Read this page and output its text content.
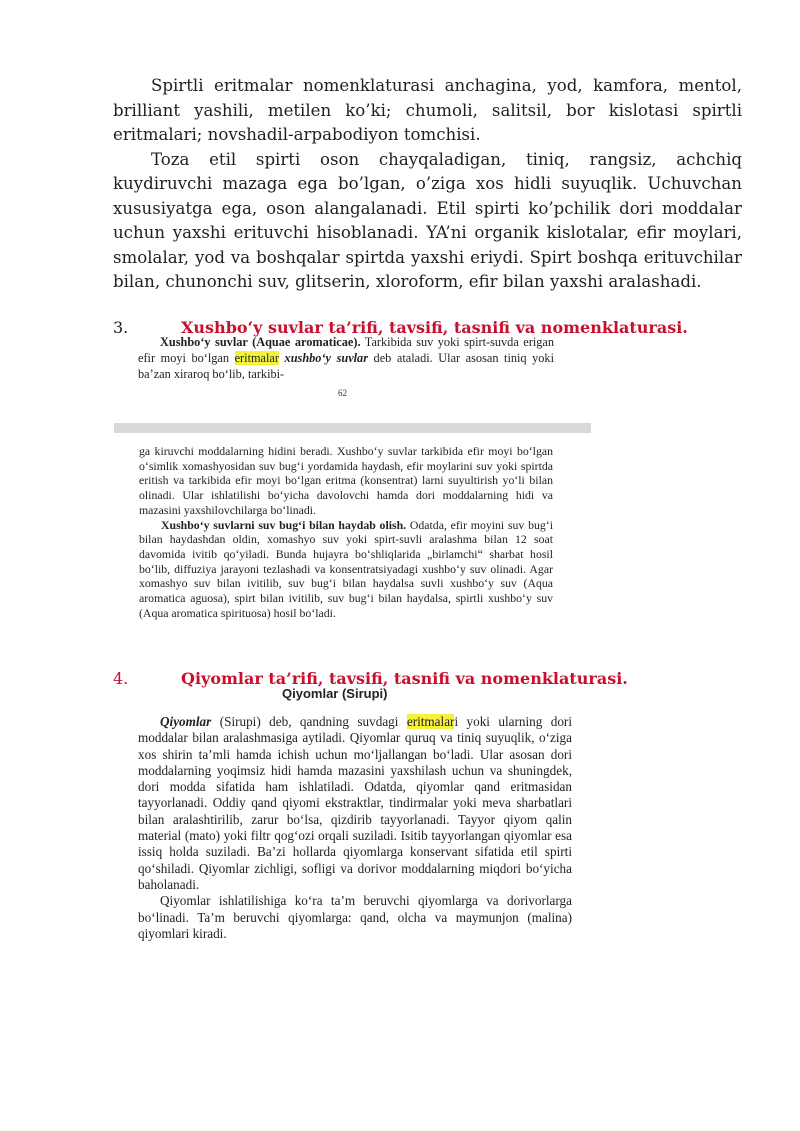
Spirtli eritmalar nomenklaturasi anchagina, yod, kamfora, mentol, brilliant yashili, metilen ko’ki; chumoli, salitsil, bor kislotasi spirtli eritmalari; novshadil-arpabodiyon tomchisi.

Toza etil spirti oson chayqaladigan, tiniq, rangsiz, achchiq kuydiruvchi mazaga ega bo’lgan, o’ziga xos hidli suyuqlik. Uchuvchan xususiyatga ega, oson alangalanadi. Etil spirti ko’pchilik dori moddalar uchun yaxshi erituvchi hisoblanadi. YA’ni organik kislotalar, efir moylari, smolalar, yod va boshqalar spirtda yaxshi eriydi. Spirt boshqa erituvchilar bilan, chunonchi suv, glitserin, xloroform, efir bilan yaxshi aralashadi.

3.	Xushbo‘y suvlar ta’rifi, tavsifi, tasnifi va nomenklaturasi.

Xushbo‘y suvlar (Aquae aromaticae). Tarkibida suv yoki spirt-suvda erigan efir moyi bo‘lgan eritmalar xushbo‘y suvlar deb ataladi. Ular asosan tiniq yoki ba’zan xiraroq bo‘lib, tarkibi-

62

ga kiruvchi moddalarning hidini beradi. Xushbo‘y suvlar tarkibida efir moyi bo‘lgan o‘simlik xomashyosidan suv bug‘i yordamida haydash, efir moylarini suv yoki spirtda eritish va tarkibida efir moyi bo‘lgan eritma (konsentrat) larni suyultirish yo‘li bilan olinadi. Ular ishlatilishi bo‘yicha davolovchi hamda dori moddalarning hidi va mazasini yaxshilovchilarga bo‘linadi.

Xushbo‘y suvlarni suv bug‘i bilan haydab olish. Odatda, efir moyini suv bug‘i bilan haydashdan oldin, xomashyo suv yoki spirt-suvli aralashma bilan 12 soat davomida ivitib qo‘yiladi. Bunda hujayra bo‘shliqlarida „birlamchi“ sharbat hosil bo‘lib, diffuziya jarayoni tezlashadi va konsentratsiyadagi xushbo‘y suv olinadi. Agar xomashyo suv bilan ivitilib, suv bug‘i bilan haydalsa suvli xushbo‘y suv (Aqua aromatica aguosa), spirt bilan ivitilib, suv bug‘i bilan haydalsa, spirtli xushbo‘y suv (Aqua aromatica spirituosa) hosil bo‘ladi.

4.	Qiyomlar ta’rifi, tavsifi, tasnifi va nomenklaturasi.
Qiyomlar (Sirupi)

Qiyomlar (Sirupi) deb, qandning suvdagi eritmalari yoki ularning dori moddalar bilan aralashmasiga aytiladi. Qiyomlar quruq va tiniq suyuqlik, o‘ziga xos shirin ta’mli hamda ichish uchun mo‘ljallangan bo‘ladi. Ular asosan dori moddalarning yoqimsiz hidi hamda mazasini yaxshilash uchun va shuningdek, dori modda sifatida ham ishlatiladi. Odatda, qiyomlar qand eritmasidan tayyorlanadi. Oddiy qand qiyomi ekstraktlar, tindirmalar yoki meva sharbatlari bilan aralashtirilib, zarur bo‘lsa, qizdirib tayyorlanadi. Tayyor qiyom qalin material (mato) yoki filtr qog‘ozi orqali suziladi. Isitib tayyorlangan qiyomlar esa issiq holda suziladi. Ba’zi hollarda qiyomlarga konservant sifatida etil spirti qo‘shiladi. Qiyomlar zichligi, sofligi va dorivor moddalarning miqdori bo‘yicha baholanadi.

Qiyomlar ishlatilishiga ko‘ra ta’m beruvchi qiyomlarga va dorivorlarga bo‘linadi. Ta’m beruvchi qiyomlarga: qand, olcha va maymunjon (malina) qiyomlari kiradi.
